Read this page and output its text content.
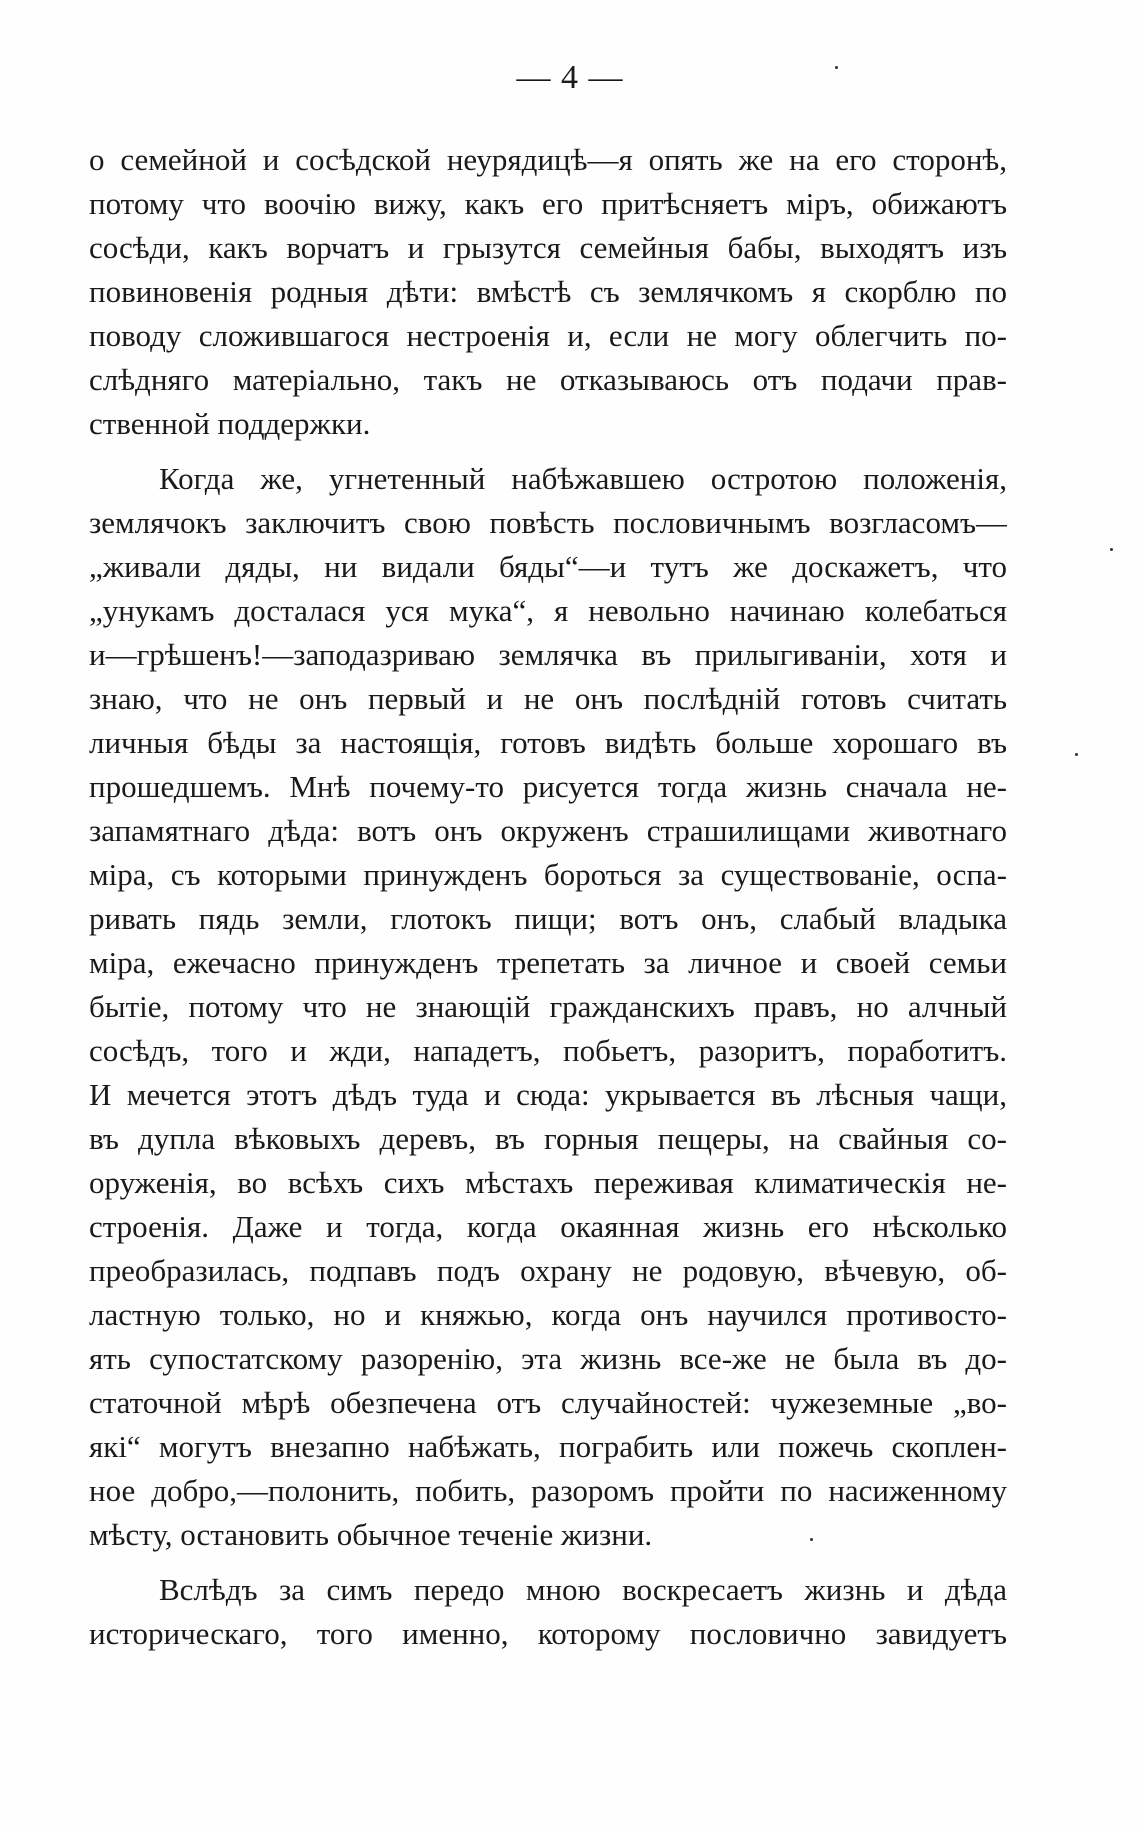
— 4 —
о семейной и сосѣдской неурядицѣ—я опять же на его сторонѣ,
потому что воочію вижу, какъ его притѣсняетъ міръ, обижаютъ
сосѣди, какъ ворчатъ и грызутся семейныя бабы, выходятъ изъ
повиновенія родныя дѣти: вмѣстѣ съ землячкомъ я скорблю по
поводу сложившагося нестроенія и, если не могу облегчить по-
слѣдняго матеріально, такъ не отказываюсь отъ подачи прав-
ственной поддержки.
Когда же, угнетенный набѣжавшею остротою положенія,
землячокъ заключитъ свою повѣсть пословичнымъ возгласомъ—
„живали дяды, ни видали бяды“—и тутъ же доскажетъ, что
„унукамъ досталася уся мука“, я невольно начинаю колебаться
и—грѣшенъ!—заподазриваю землячка въ прилыгиваніи, хотя и
знаю, что не онъ первый и не онъ послѣдній готовъ считать
личныя бѣды за настоящія, готовъ видѣть больше хорошаго въ
прошедшемъ. Мнѣ почему-то рисуется тогда жизнь сначала не-
запамятнаго дѣда: вотъ онъ окруженъ страшилищами животнаго
міра, съ которыми принужденъ бороться за существованіе, оспа-
ривать пядь земли, глотокъ пищи; вотъ онъ, слабый владыка
міра, ежечасно принужденъ трепетать за личное и своей семьи
бытіе, потому что не знающій гражданскихъ правъ, но алчный
сосѣдъ, того и жди, нападетъ, побьетъ, разоритъ, поработитъ.
И мечется этотъ дѣдъ туда и сюда: укрывается въ лѣсныя чащи,
въ дупла вѣковыхъ деревъ, въ горныя пещеры, на свайныя со-
оруженія, во всѣхъ сихъ мѣстахъ переживая климатическія не-
строенія. Даже и тогда, когда окаянная жизнь его нѣсколько
преобразилась, подпавъ подъ охрану не родовую, вѣчевую, об-
ластную только, но и княжью, когда онъ научился противосто-
ять супостатскому разоренію, эта жизнь все-же не была въ до-
статочной мѣрѣ обезпечена отъ случайностей: чужеземные „во-
які“ могутъ внезапно набѣжать, пограбить или пожечь скоплен-
ное добро,—полонить, побить, разоромъ пройти по насиженному
мѣсту, остановить обычное теченіе жизни.
Вслѣдъ за симъ передо мною воскресаетъ жизнь и дѣда
историческаго, того именно, которому пословично завидуетъ
